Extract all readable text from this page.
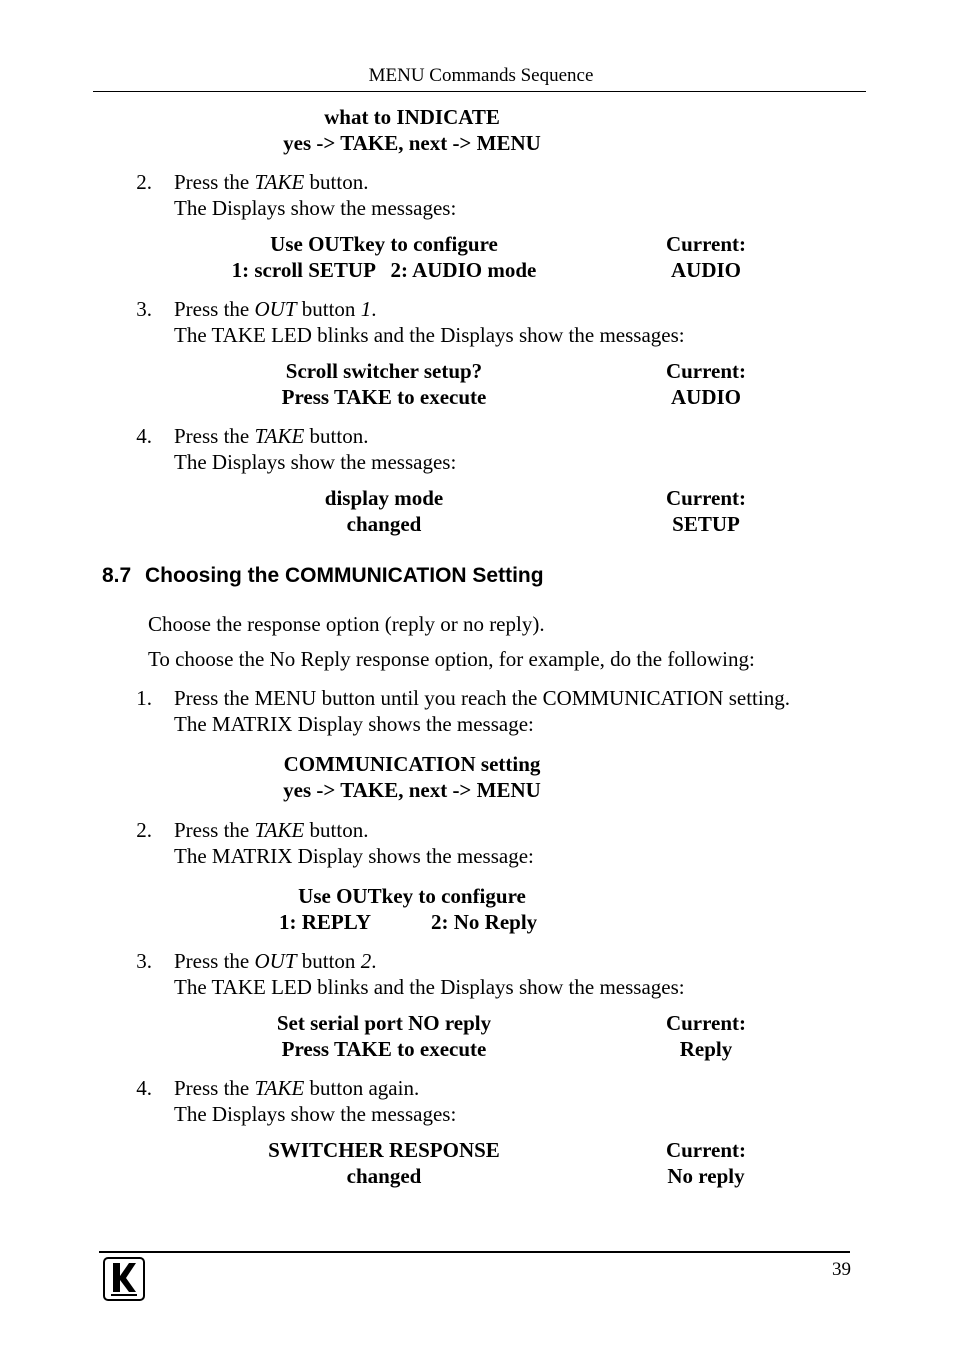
MENU Commands Sequence
what to INDICATE
yes -> TAKE, next -> MENU
2. Press the TAKE button.
The Displays show the messages:
Use OUTkey to configure
1: scroll SETUP   2: AUDIO mode
Current:
AUDIO
3. Press the OUT button 1.
The TAKE LED blinks and the Displays show the messages:
Scroll switcher setup?
Press TAKE to execute
Current:
AUDIO
4. Press the TAKE button.
The Displays show the messages:
display mode
changed
Current:
SETUP
8.7 Choosing the COMMUNICATION Setting
Choose the response option (reply or no reply).
To choose the No Reply response option, for example, do the following:
1. Press the MENU button until you reach the COMMUNICATION setting.
The MATRIX Display shows the message:
COMMUNICATION setting
yes -> TAKE, next -> MENU
2. Press the TAKE button.
The MATRIX Display shows the message:
Use OUTkey to configure
1: REPLY	2: No Reply
3. Press the OUT button 2.
The TAKE LED blinks and the Displays show the messages:
Set serial port NO reply
Press TAKE to execute
Current:
Reply
4. Press the TAKE button again.
The Displays show the messages:
SWITCHER RESPONSE
changed
Current:
No reply
39
